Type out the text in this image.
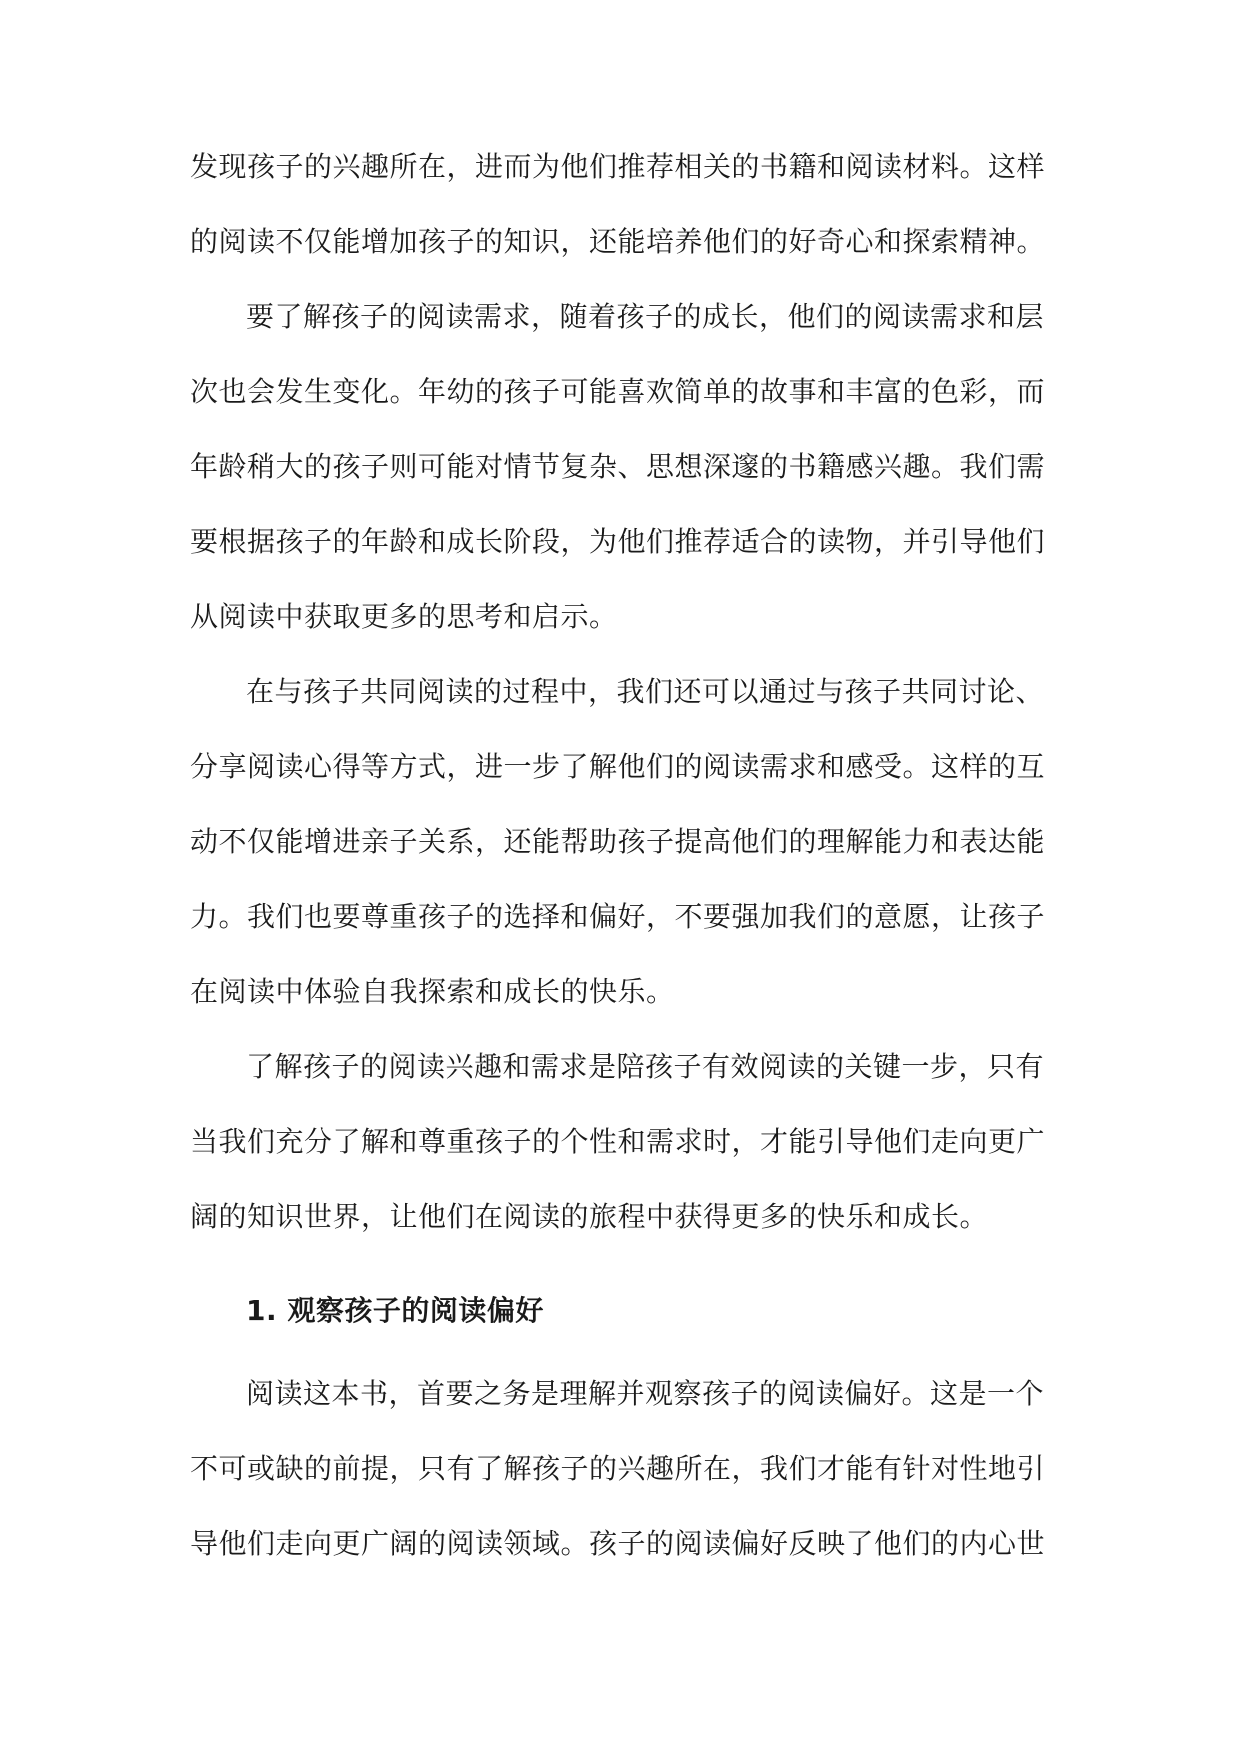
发现孩子的兴趣所在，进而为他们推荐相关的书籍和阅读材料。这样
的阅读不仅能增加孩子的知识，还能培养他们的好奇心和探索精神。
要了解孩子的阅读需求，随着孩子的成长，他们的阅读需求和层
次也会发生变化。年幼的孩子可能喜欢简单的故事和丰富的色彩，而
年龄稍大的孩子则可能对情节复杂、思想深邃的书籍感兴趣。我们需
要根据孩子的年龄和成长阶段，为他们推荐适合的读物，并引导他们
从阅读中获取更多的思考和启示。
在与孩子共同阅读的过程中，我们还可以通过与孩子共同讨论、
分享阅读心得等方式，进一步了解他们的阅读需求和感受。这样的互
动不仅能增进亲子关系，还能帮助孩子提高他们的理解能力和表达能
力。我们也要尊重孩子的选择和偏好，不要强加我们的意愿，让孩子
在阅读中体验自我探索和成长的快乐。
了解孩子的阅读兴趣和需求是陪孩子有效阅读的关键一步，只有
当我们充分了解和尊重孩子的个性和需求时，才能引导他们走向更广
阔的知识世界，让他们在阅读的旅程中获得更多的快乐和成长。
1. 观察孩子的阅读偏好
阅读这本书，首要之务是理解并观察孩子的阅读偏好。这是一个
不可或缺的前提，只有了解孩子的兴趣所在，我们才能有针对性地引
导他们走向更广阔的阅读领域。孩子的阅读偏好反映了他们的内心世
